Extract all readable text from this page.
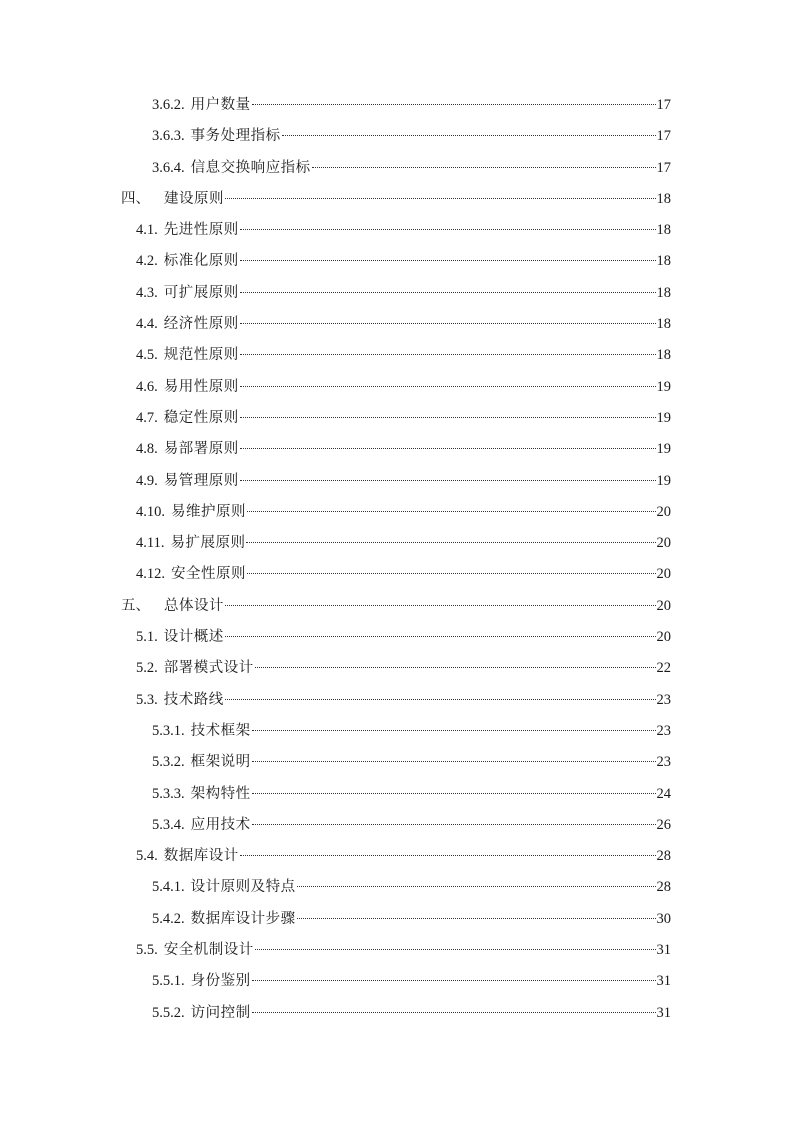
3.6.2. 用户数量	17
3.6.3. 事务处理指标	17
3.6.4. 信息交换响应指标	17
四、 建设原则	18
4.1. 先进性原则	18
4.2. 标准化原则	18
4.3. 可扩展原则	18
4.4. 经济性原则	18
4.5. 规范性原则	18
4.6. 易用性原则	19
4.7. 稳定性原则	19
4.8. 易部署原则	19
4.9. 易管理原则	19
4.10. 易维护原则	20
4.11. 易扩展原则	20
4.12. 安全性原则	20
五、 总体设计	20
5.1. 设计概述	20
5.2. 部署模式设计	22
5.3. 技术路线	23
5.3.1. 技术框架	23
5.3.2. 框架说明	23
5.3.3. 架构特性	24
5.3.4. 应用技术	26
5.4. 数据库设计	28
5.4.1. 设计原则及特点	28
5.4.2. 数据库设计步骤	30
5.5. 安全机制设计	31
5.5.1. 身份鉴别	31
5.5.2. 访问控制	31
